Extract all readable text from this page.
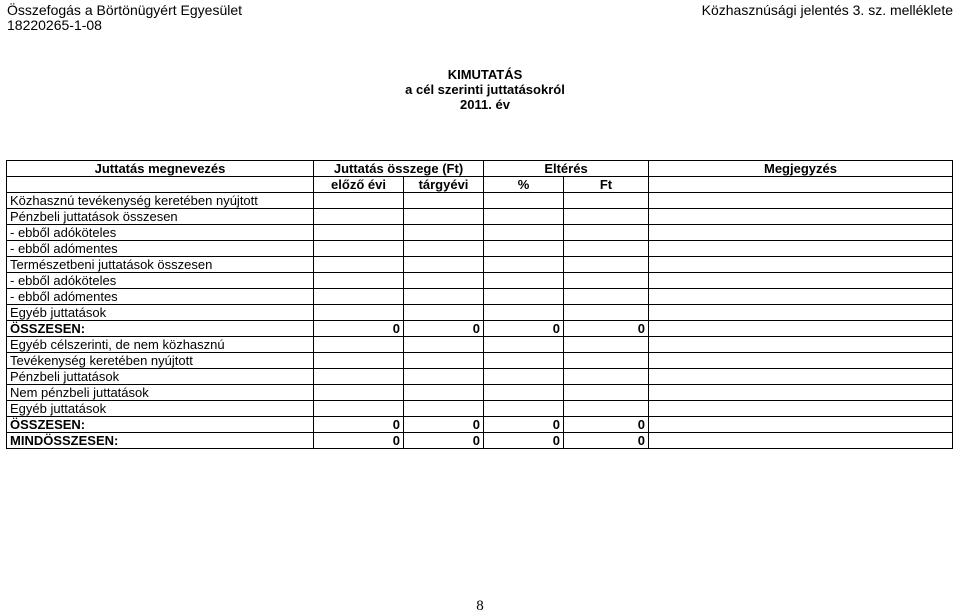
Összefogás a Börtönügyért Egyesület
18220265-1-08
Közhasznúsági jelentés 3. sz. melléklete
KIMUTATÁS
a cél szerinti juttatásokról
2011. év
Juttatás megnevezés	Juttatás összege (Ft)		Eltérés		Megjegyzés
	előző évi	tárgyévi	%	Ft	
Közhasznú tevékenység keretében nyújtott					
Pénzbeli juttatások összesen					
- ebből adóköteles					
- ebből adómentes					
Természetbeni juttatások összesen					
- ebből adóköteles					
- ebből adómentes					
Egyéb juttatások					
ÖSSZESEN:	0	0	0	0	
Egyéb célszerinti, de nem közhasznú					
Tevékenység keretében nyújtott					
Pénzbeli juttatások					
Nem pénzbeli juttatások					
Egyéb juttatások					
ÖSSZESEN:	0	0	0	0	
MINDÖSSZESEN:	0	0	0	0	
8
